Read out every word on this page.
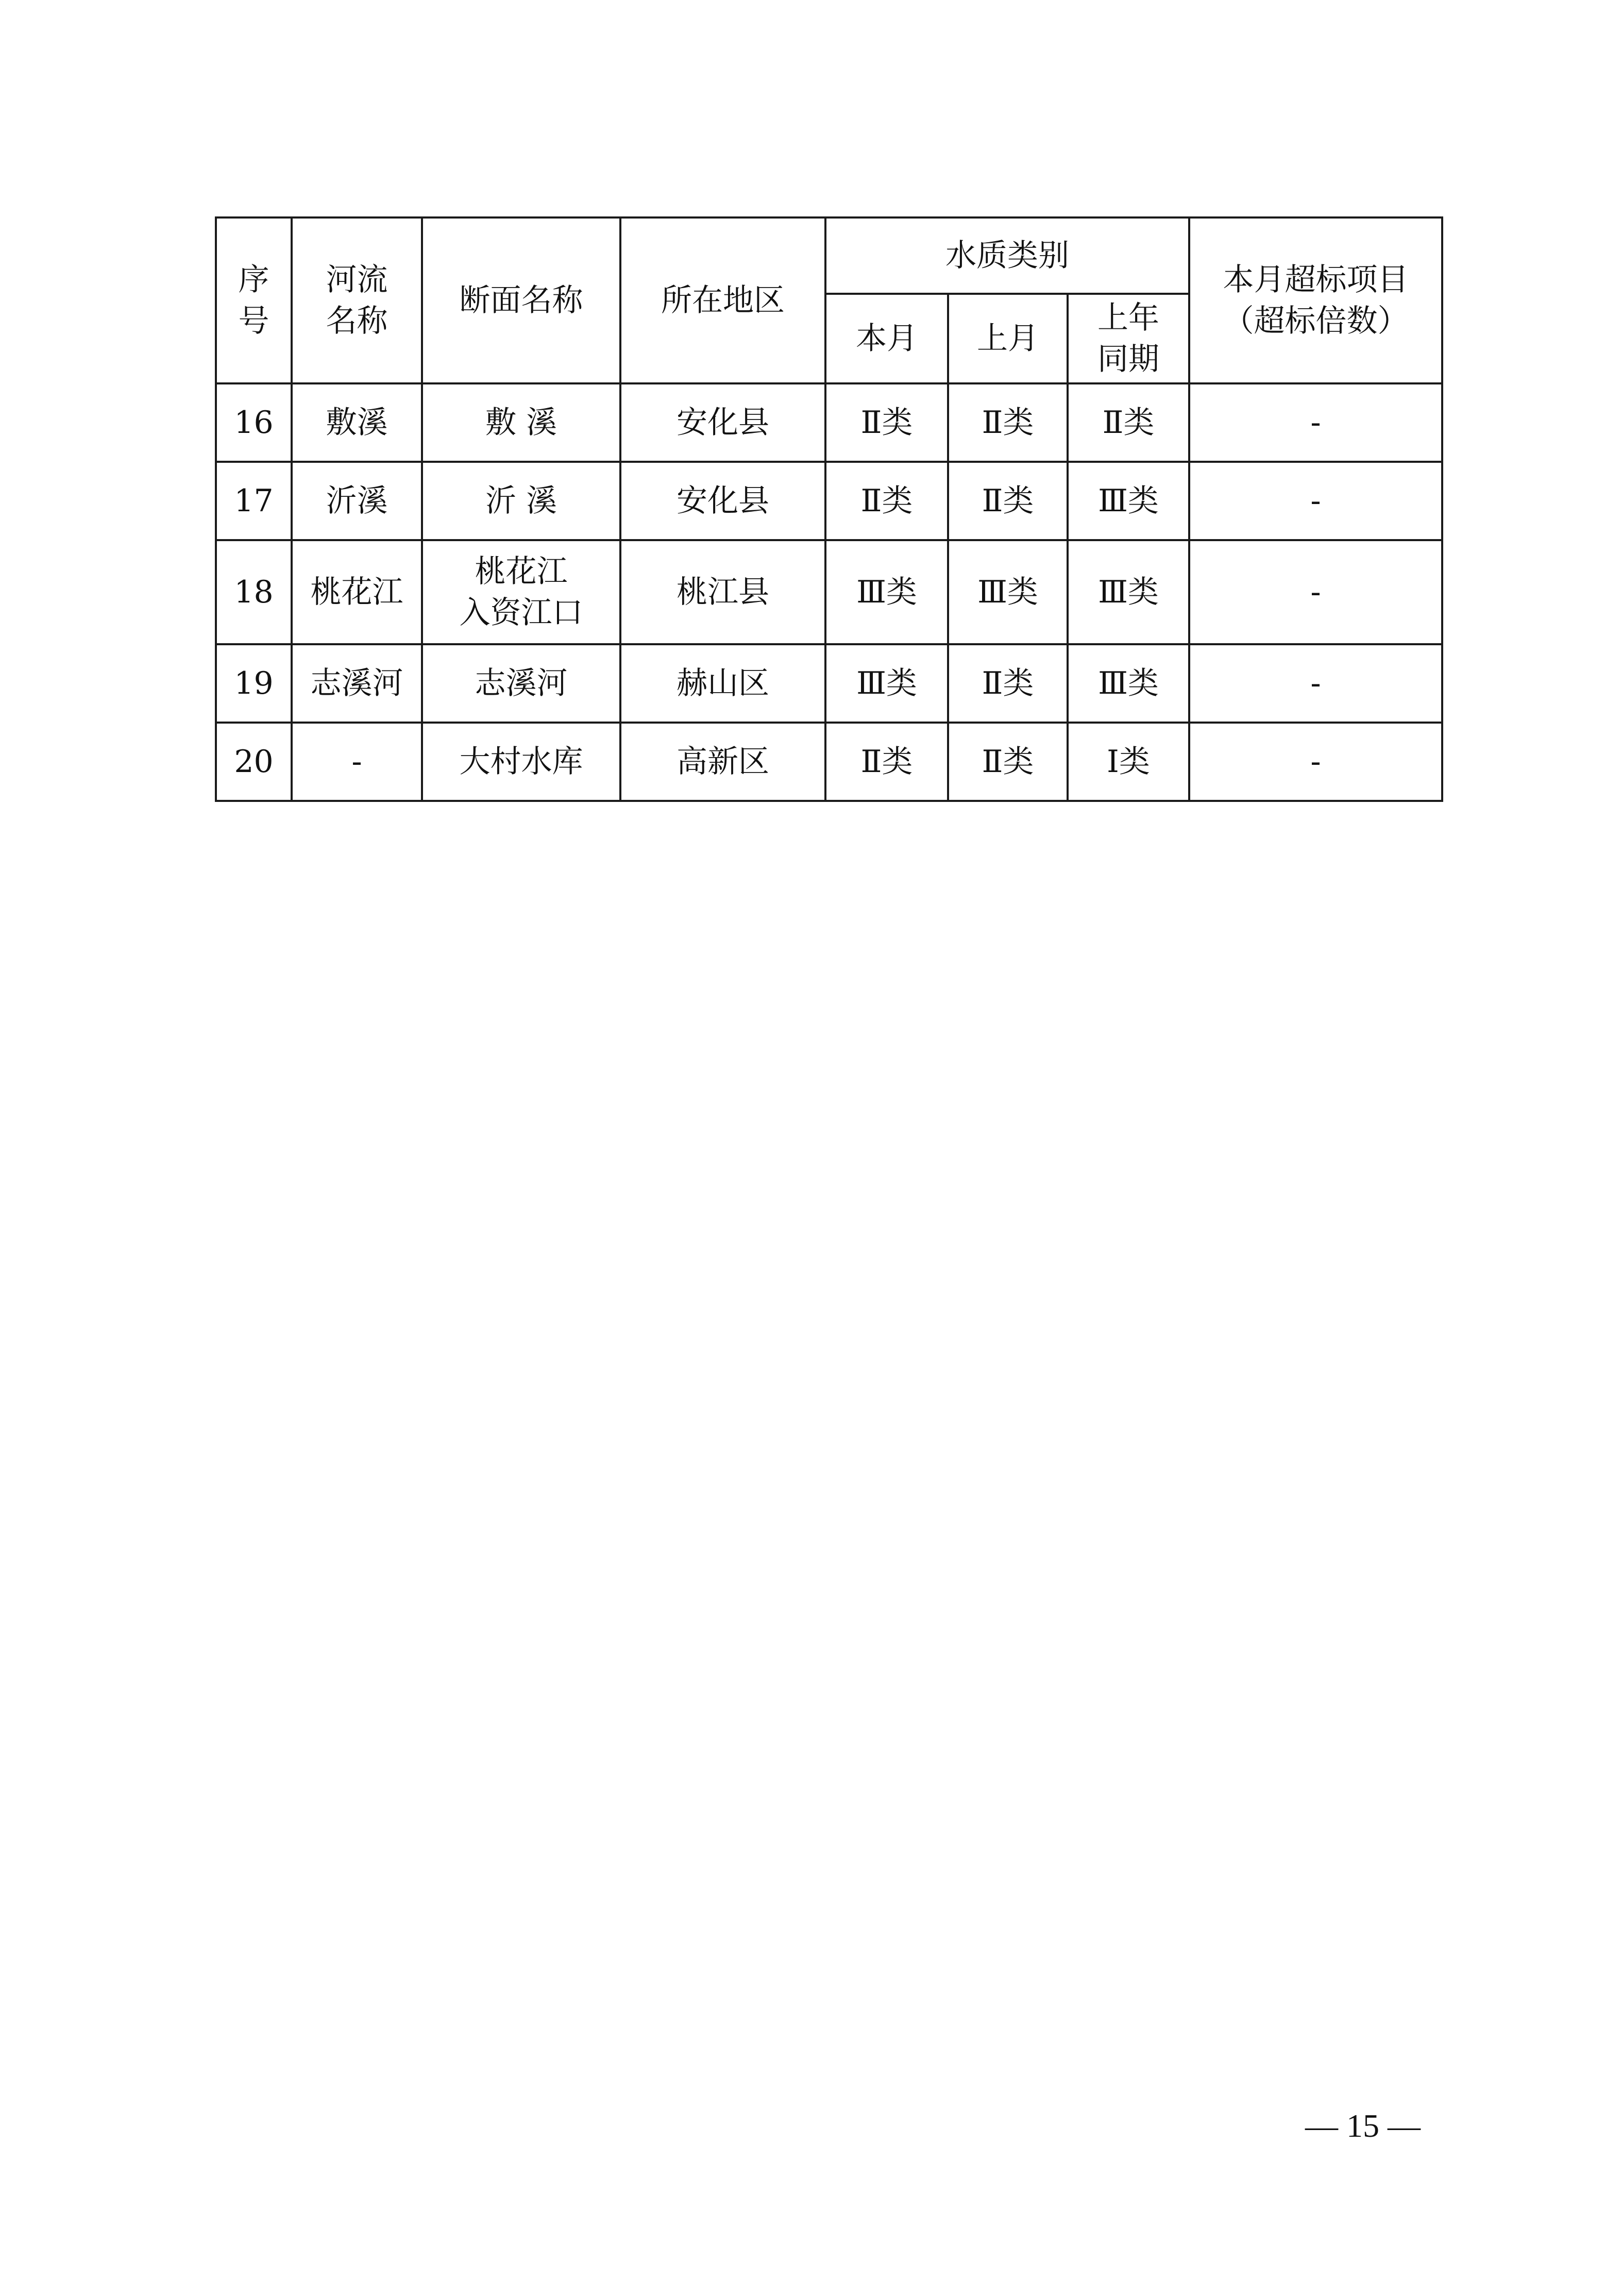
序
号	河流
名称	断面名称	所在地区	水质类别			本月超标项目
（超标倍数）

				本月	上月	上年
同期	

16	敷溪	敷 溪	安化县	Ⅱ类	Ⅱ类	Ⅱ类	-
17	沂溪	沂 溪	安化县	Ⅱ类	Ⅱ类	Ⅲ类	-
18	桃花江	桃花江
入资江口	桃江县	Ⅲ类	Ⅲ类	Ⅲ类	-
19	志溪河	志溪河	赫山区	Ⅲ类	Ⅱ类	Ⅲ类	-
20	-	大村水库	高新区	Ⅱ类	Ⅱ类	Ⅰ类	-
— 15 —
